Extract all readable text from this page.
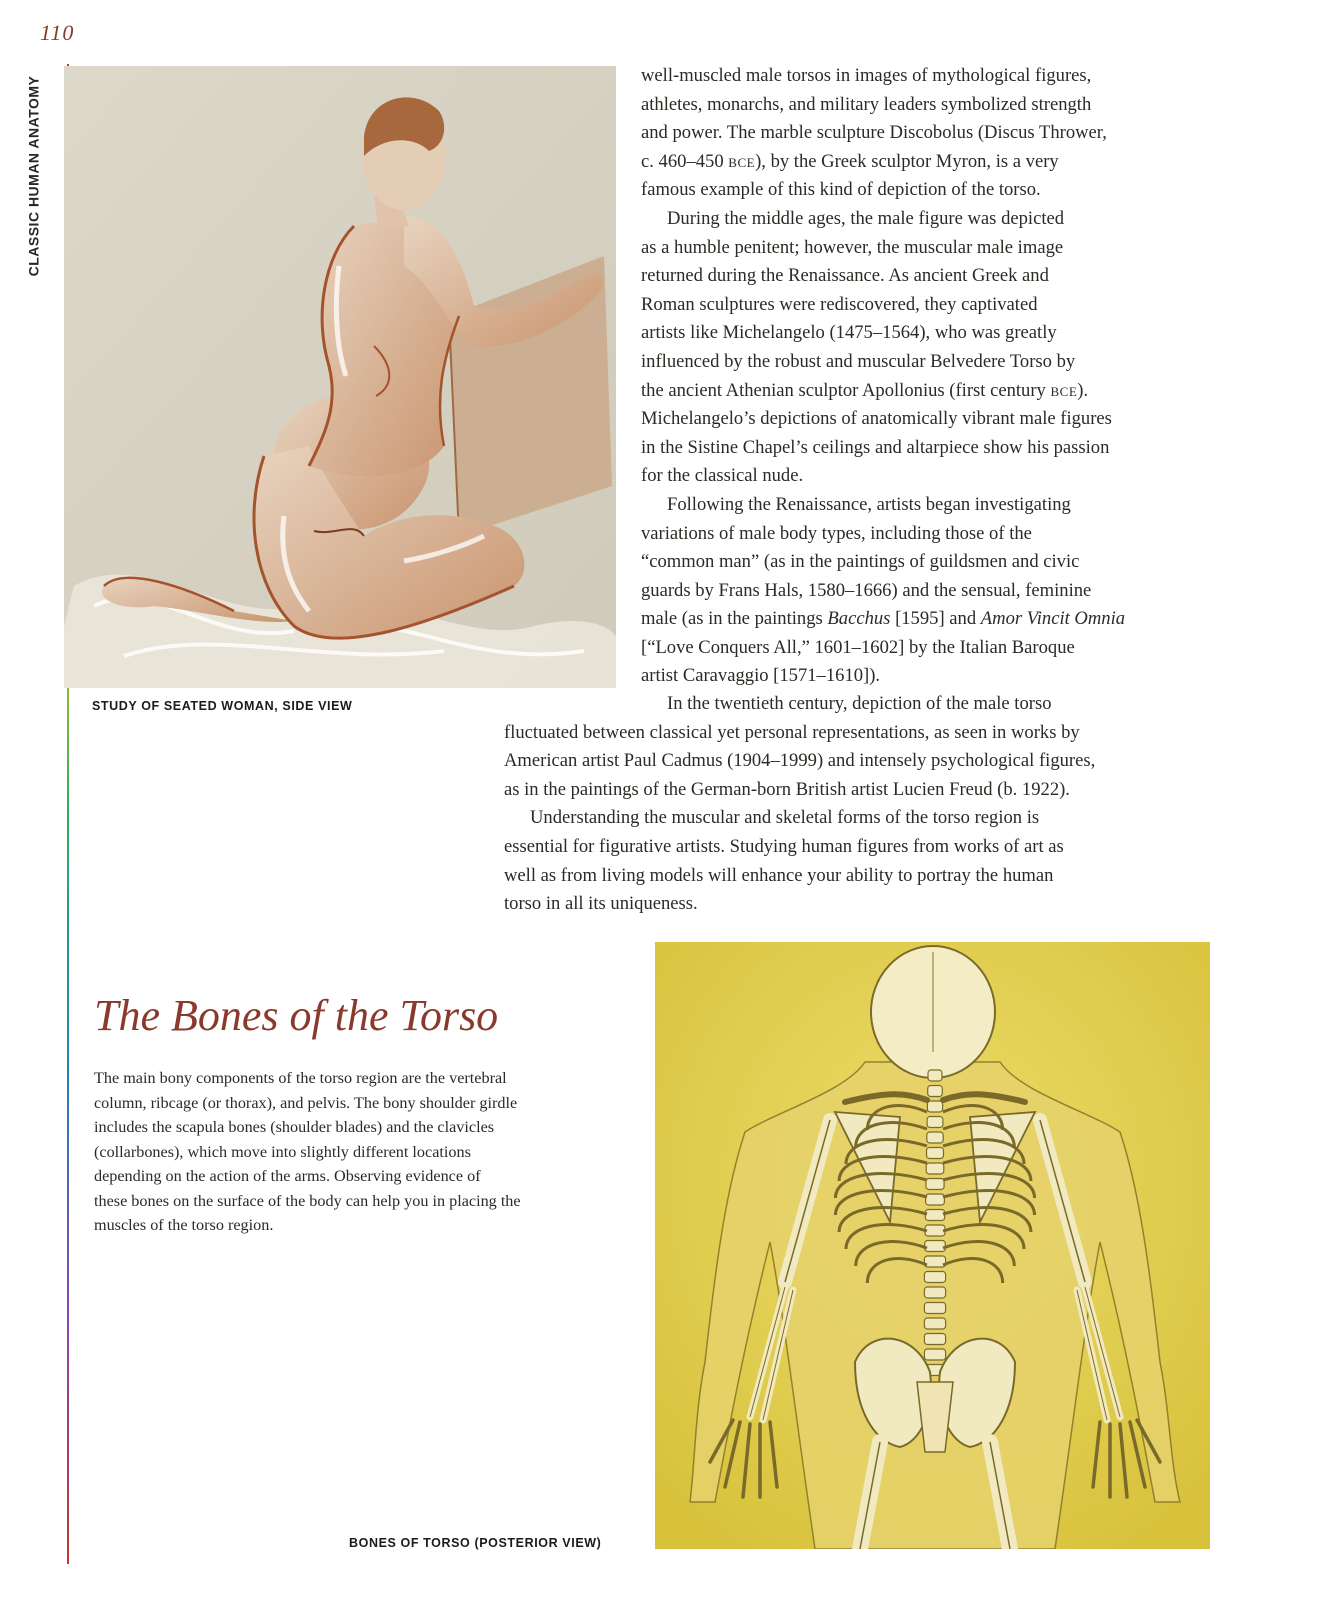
110
CLASSIC HUMAN ANATOMY
STUDY OF SEATED WOMAN, SIDE VIEW

well-muscled male torsos in images of mythological figures,
athletes, monarchs, and military leaders symbolized strength
and power. The marble sculpture Discobolus (Discus Thrower,
c. 460–450 bce), by the Greek sculptor Myron, is a very
famous example of this kind of depiction of the torso.

During the middle ages, the male figure was depicted
as a humble penitent; however, the muscular male image
returned during the Renaissance. As ancient Greek and
Roman sculptures were rediscovered, they captivated
artists like Michelangelo (1475–1564), who was greatly
influenced by the robust and muscular Belvedere Torso by
the ancient Athenian sculptor Apollonius (first century bce).
Michelangelo’s depictions of anatomically vibrant male figures
in the Sistine Chapel’s ceilings and altarpiece show his passion
for the classical nude.

Following the Renaissance, artists began investigating
variations of male body types, including those of the
“common man” (as in the paintings of guildsmen and civic
guards by Frans Hals, 1580–1666) and the sensual, feminine
male (as in the paintings Bacchus [1595] and Amor Vincit Omnia
[“Love Conquers All,” 1601–1602] by the Italian Baroque
artist Caravaggio [1571–1610]).

In the twentieth century, depiction of the male torso
fluctuated between classical yet personal representations, as seen in works by
American artist Paul Cadmus (1904–1999) and intensely psychological figures,
as in the paintings of the German-born British artist Lucien Freud (b. 1922).

Understanding the muscular and skeletal forms of the torso region is
essential for figurative artists. Studying human figures from works of art as
well as from living models will enhance your ability to portray the human
torso in all its uniqueness.

The Bones of the Torso
The main bony components of the torso region are the vertebral
column, ribcage (or thorax), and pelvis. The bony shoulder girdle
includes the scapula bones (shoulder blades) and the clavicles
(collarbones), which move into slightly different locations
depending on the action of the arms. Observing evidence of
these bones on the surface of the body can help you in placing the
muscles of the torso region.
BONES OF TORSO (POSTERIOR VIEW)
